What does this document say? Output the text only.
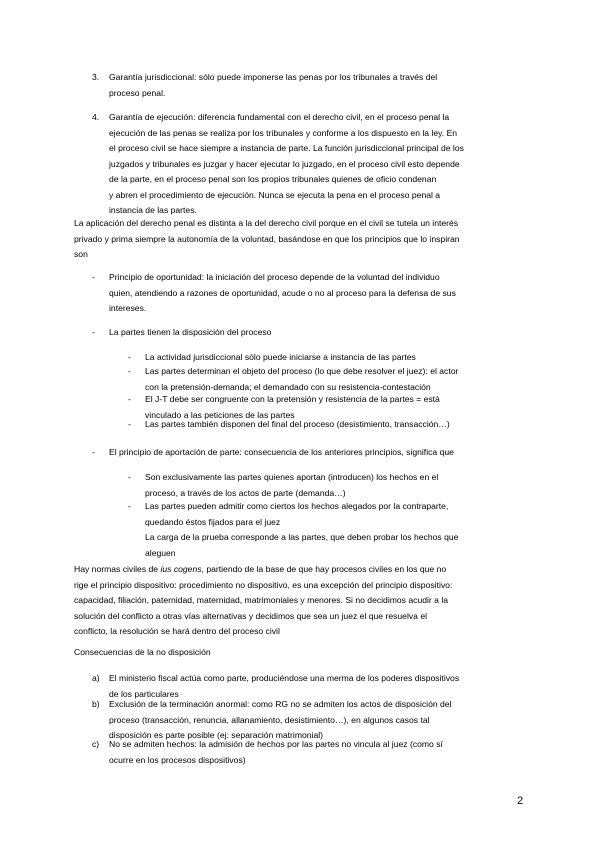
3. Garantía jurisdiccional: sólo puede imponerse las penas por los tribunales a través del

proceso penal.

4. Garantía de ejecución: diferencia fundamental con el derecho civil, en el proceso penal la

ejecución de las penas se realiza por los tribunales y conforme a los dispuesto en la ley. En

el proceso civil se hace siempre a instancia de parte. La función jurisdiccional principal de los

juzgados y tribunales es juzgar y hacer ejecutar lo juzgado, en el proceso civil esto depende

de la parte, en el proceso penal son los propios tribunales quienes de oficio condenan

y abren el procedimiento de ejecución. Nunca se ejecuta la pena en el proceso penal a

instancia de las partes.

La aplicación del derecho penal es distinta a la del derecho civil porque en el civil se tutela un interés

privado y prima siempre la autonomía de la voluntad, basándose en que los principios que lo inspiran

son

- Principio de oportunidad: la iniciación del proceso depende de la voluntad del individuo

quien, atendiendo a razones de oportunidad, acude o no al proceso para la defensa de sus

intereses.

- La partes tienen la disposición del proceso

- La actividad jurisdiccional sólo puede iniciarse a instancia de las partes

- Las partes determinan el objeto del proceso (lo que debe resolver el juez): el actor

con la pretensión-demanda; el demandado con su resistencia-contestación

- El J-T debe ser congruente con la pretensión y resistencia de la partes = está

vinculado a las peticiones de las partes

- Las partes también disponen del final del proceso (desistimiento, transacción…)

- El principio de aportación de parte: consecuencia de los anteriores principios, significa que

- Son exclusivamente las partes quienes aportan (introducen) los hechos en el

proceso, a través de los actos de parte (demanda…)

- Las partes pueden admitir como ciertos los hechos alegados por la contraparte,

quedando éstos fijados para el juez

La carga de la prueba corresponde a las partes, que deben probar los hechos que

aleguen

Hay normas civiles de ius cogens, partiendo de la base de que hay procesos civiles en los que no

rige el principio dispositivo: procedimiento no dispositivo, es una excepción del principio dispositivo:

capacidad, filiación, paternidad, maternidad, matrimoniales y menores. Si no decidimos acudir a la

solución del conflicto a otras vías alternativas y decidimos que sea un juez el que resuelva el

conflicto, la resolución se hará dentro del proceso civil

Consecuencias de la no disposición

a) El ministerio fiscal actúa como parte, produciéndose una merma de los poderes dispositivos

de los particulares

b) Exclusión de la terminación anormal: como RG no se admiten los actos de disposición del

proceso (transacción, renuncia, allanamiento, desistimiento…), en algunos casos tal

disposición es parte posible (ej: separación matrimonial)

c) No se admiten hechos: la admisión de hechos por las partes no vincula al juez (como sí

ocurre en los procesos dispositivos)

2
